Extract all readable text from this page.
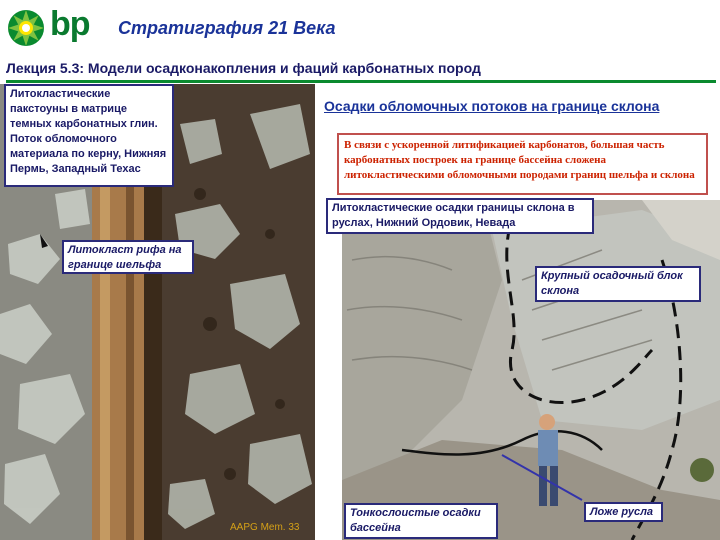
bp Стратиграфия 21 Века
Лекция 5.3: Модели осадконакопления и фаций карбонатных пород
Литокластические пакстоуны в матрице темных карбонатных глин. Поток обломочного материала по керну, Нижняя Пермь, Западный Техас
Литокласт рифа на границе шельфа
AAPG Mem. 33
Осадки обломочных потоков на границе склона
В связи с ускоренной литификацией карбонатов, большая часть карбонатных построек на границе бассейна сложена литокластическими обломочными породами границ шельфа и склона
Литокластические осадки границы склона в руслах, Нижний Ордовик, Невада
Крупный осадочный блок склона
Тонкослоистые осадки бассейна
Ложе русла
